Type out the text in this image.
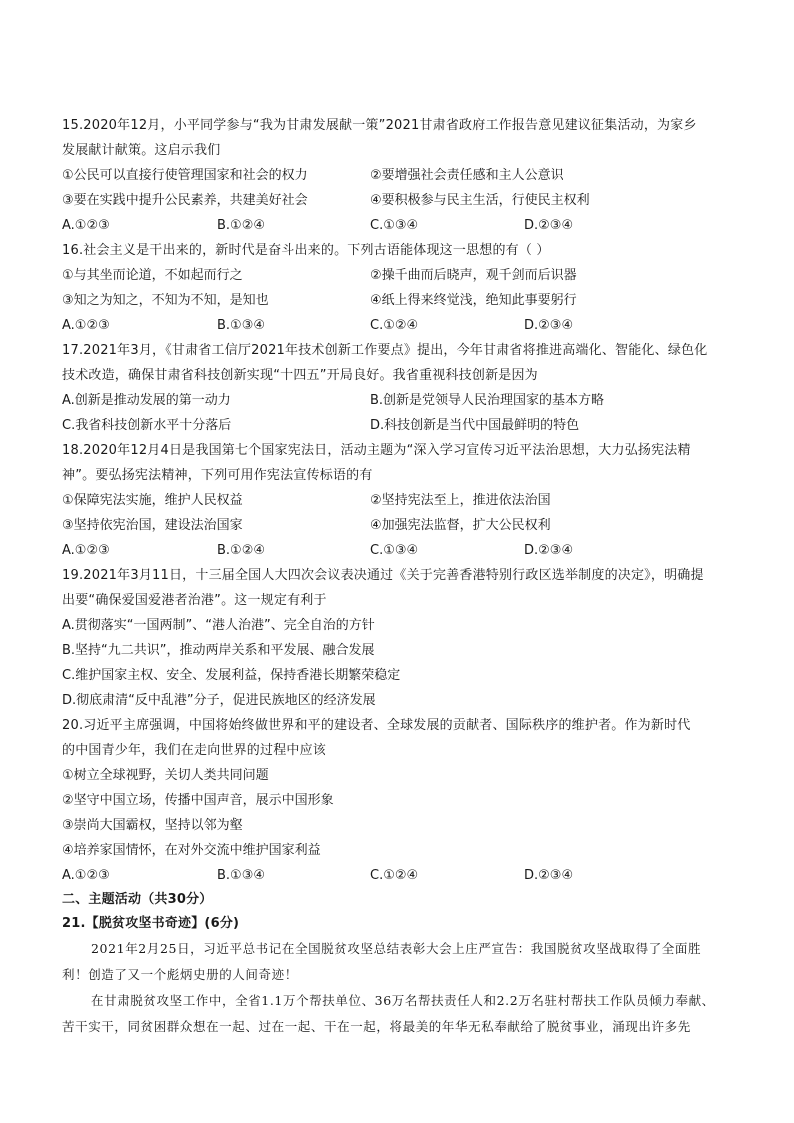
15.2020年12月，小平同学参与“我为甘肃发展献一策”2021甘肃省政府工作报告意见建议征集活动，为家乡
发展献计献策。这启示我们
①公民可以直接行使管理国家和社会的权力	②要增强社会责任感和主人公意识
③要在实践中提升公民素养，共建美好社会	④要积极参与民主生活，行使民主权利
A.①②③	B.①②④	C.①③④	D.②③④
16.社会主义是干出来的，新时代是奋斗出来的。下列古语能体现这一思想的有（ ）
①与其坐而论道，不如起而行之	②操千曲而后晓声，观千剑而后识器
③知之为知之，不知为不知，是知也	④纸上得来终觉浅，绝知此事要躬行
A.①②③	B.①③④	C.①②④	D.②③④
17.2021年3月，《甘肃省工信厅2021年技术创新工作要点》提出，今年甘肃省将推进高端化、智能化、绿色化
技术改造，确保甘肃省科技创新实现“十四五”开局良好。我省重视科技创新是因为
A.创新是推动发展的第一动力	B.创新是党领导人民治理国家的基本方略
C.我省科技创新水平十分落后	D.科技创新是当代中国最鲜明的特色
18.2020年12月4日是我国第七个国家宪法日，活动主题为“深入学习宣传习近平法治思想，大力弘扬宪法精
神”。要弘扬宪法精神，下列可用作宪法宣传标语的有
①保障宪法实施，维护人民权益	②坚持宪法至上，推进依法治国
③坚持依宪治国，建设法治国家	④加强宪法监督，扩大公民权利
A.①②③	B.①②④	C.①③④	D.②③④
19.2021年3月11日，十三届全国人大四次会议表决通过《关于完善香港特别行政区选举制度的决定》，明确提
出要“确保爱国爱港者治港”。这一规定有利于
A.贯彻落实“一国两制”、“港人治港”、完全自治的方针
B.坚持“九二共识”，推动两岸关系和平发展、融合发展
C.维护国家主权、安全、发展利益，保持香港长期繁荣稳定
D.彻底肃清“反中乱港”分子，促进民族地区的经济发展
20.习近平主席强调，中国将始终做世界和平的建设者、全球发展的贡献者、国际秩序的维护者。作为新时代
的中国青少年，我们在走向世界的过程中应该
①树立全球视野，关切人类共同问题
②坚守中国立场，传播中国声音，展示中国形象
③崇尚大国霸权，坚持以邻为壑
④培养家国情怀，在对外交流中维护国家利益
A.①②③	B.①③④	C.①②④	D.②③④
二、主题活动（共30分）
21.【脱贫攻坚书奇迹】(6分)
2021年2月25日，习近平总书记在全国脱贫攻坚总结表彰大会上庄严宣告：我国脱贫攻坚战取得了全面胜
利！创造了又一个彪炳史册的人间奇迹！
在甘肃脱贫攻坚工作中，全省1.1万个帮扶单位、36万名帮扶责任人和2.2万名驻村帮扶工作队员倾力奉献、
苦干实干，同贫困群众想在一起、过在一起、干在一起，将最美的年华无私奉献给了脱贫事业，涌现出许多先
